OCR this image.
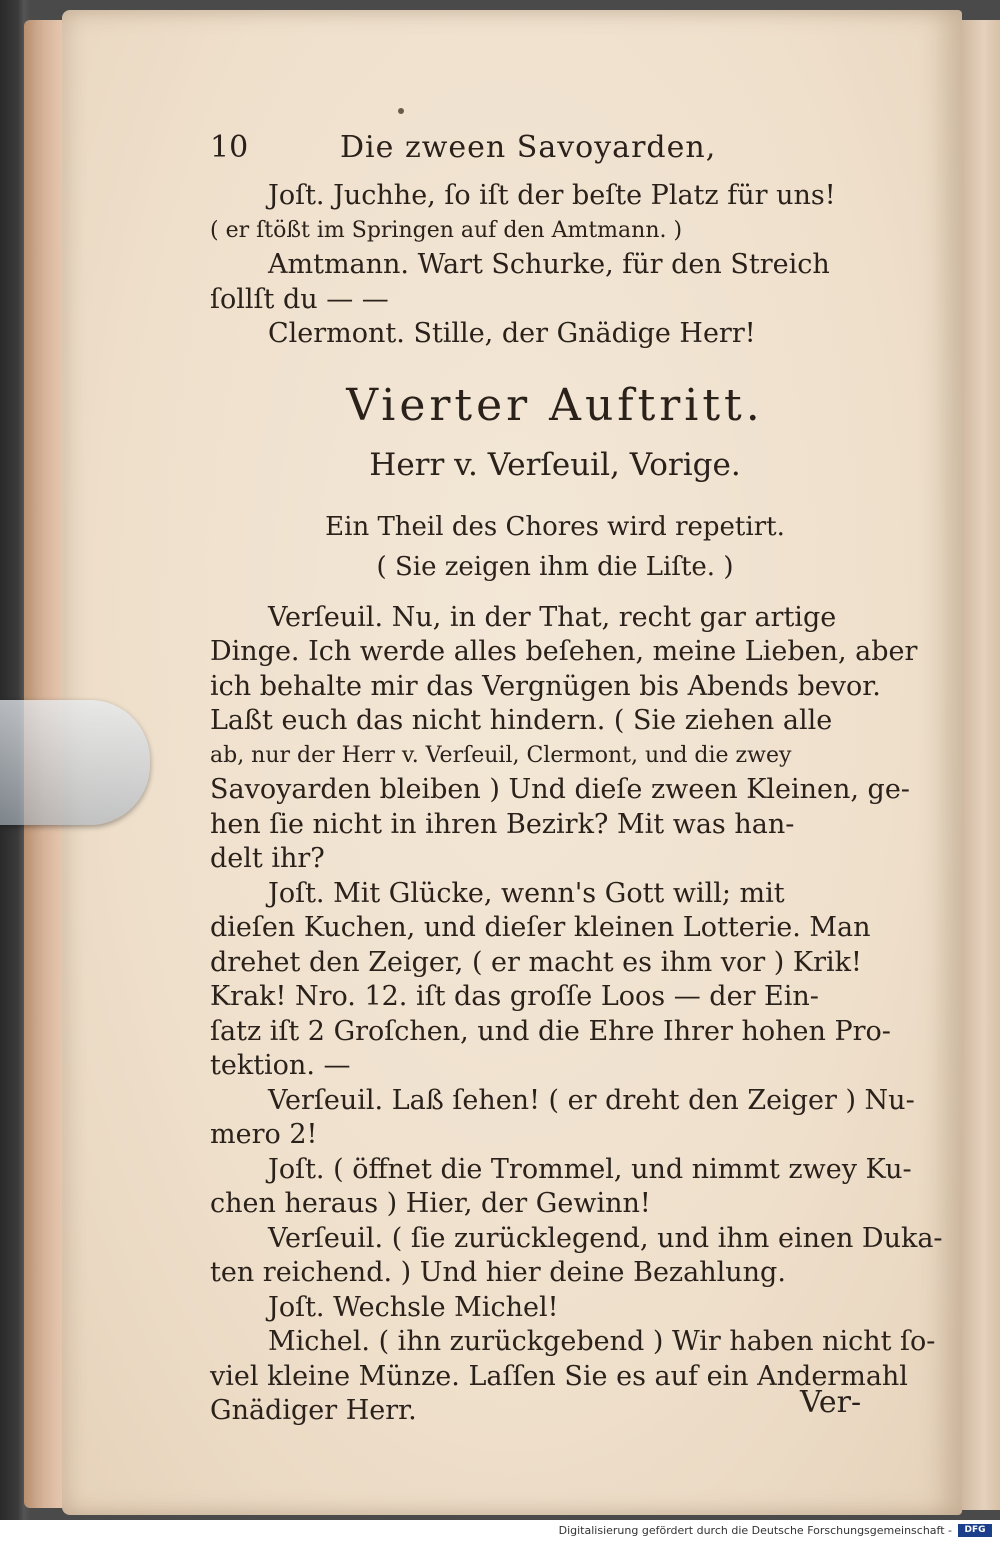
10	Die zween Savoyarden,
Joſt. Juchhe, ſo iſt der beſte Platz für uns!
( er ſtößt im Springen auf den Amtmann. )
Amtmann. Wart Schurke, für den Streich
ſollſt du — —
Clermont. Stille, der Gnädige Herr!
Vierter Auftritt.
Herr v. Verſeuil, Vorige.
Ein Theil des Chores wird repetirt.
( Sie zeigen ihm die Liſte. )
Verſeuil. Nu, in der That, recht gar artige
Dinge. Ich werde alles beſehen, meine Lieben, aber
ich behalte mir das Vergnügen bis Abends bevor.
Laßt euch das nicht hindern. ( Sie ziehen alle
ab, nur der Herr v. Verſeuil, Clermont, und die zwey
Savoyarden bleiben ) Und dieſe zween Kleinen, ge-
hen ſie nicht in ihren Bezirk? Mit was han-
delt ihr?
Joſt. Mit Glücke, wenn's Gott will; mit
dieſen Kuchen, und dieſer kleinen Lotterie. Man
drehet den Zeiger, ( er macht es ihm vor ) Krik!
Krak! Nro. 12. iſt das groſſe Loos — der Ein-
ſatz iſt 2 Groſchen, und die Ehre Ihrer hohen Pro-
tektion. —
Verſeuil. Laß ſehen! ( er dreht den Zeiger ) Nu-
mero 2!
Joſt. ( öffnet die Trommel, und nimmt zwey Ku-
chen heraus ) Hier, der Gewinn!
Verſeuil. ( ſie zurücklegend, und ihm einen Duka-
ten reichend. ) Und hier deine Bezahlung.
Joſt. Wechsle Michel!
Michel. ( ihn zurückgebend ) Wir haben nicht ſo-
viel kleine Münze. Laſſen Sie es auf ein Andermahl
Gnädiger Herr.	Ver-
Digitalisierung gefördert durch die Deutsche Forschungsgemeinschaft -	DFG
